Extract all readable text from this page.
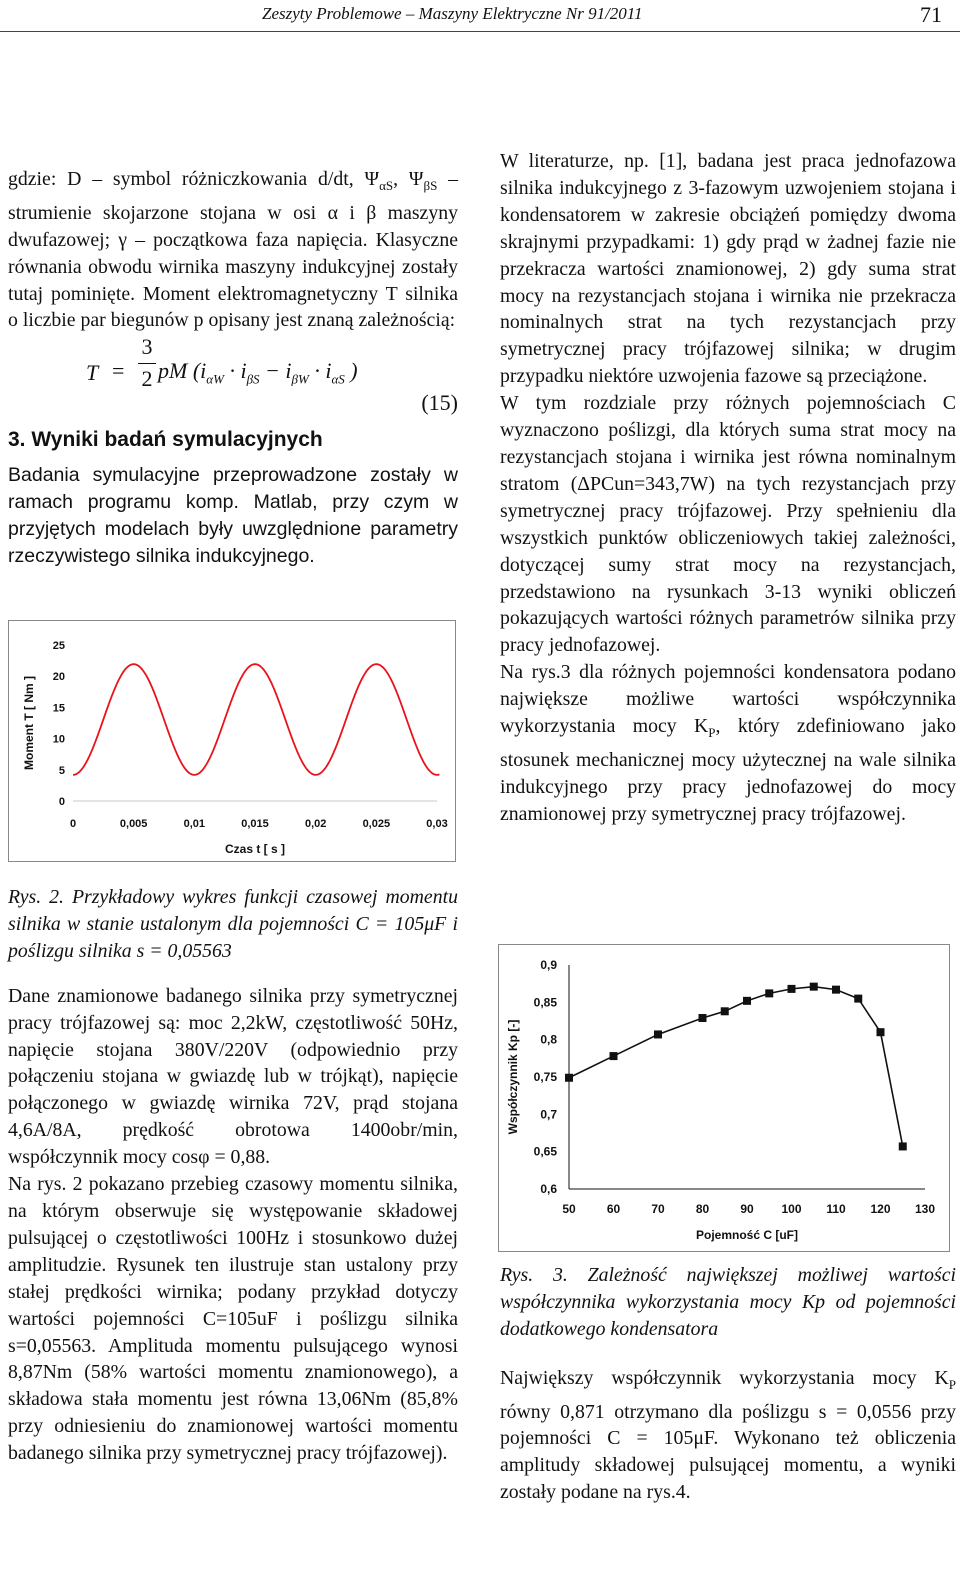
Zeszyty Problemowe – Maszyny Elektryczne Nr 91/2011	71

gdzie: D – symbol różniczkowania d/dt, $\Psi_{\alpha S}$, $\Psi_{\beta S}$ – strumienie skojarzone stojana w osi α i β maszyny dwufazowej; γ – początkowa faza napięcia. Klasyczne równania obwodu wirnika maszyny indukcyjnej zostały tutaj pominięte. Moment elektromagnetyczny T silnika o liczbie par biegunów p opisany jest znaną zależnością:

T =
3
2 pM ($i_{\alpha W} \cdot i_{\beta S} - i_{\beta W} \cdot i_{\alpha S}$ )
(15)
3. Wyniki badań symulacyjnych

Badania symulacyjne przeprowadzone zostały w ramach programu komp. Matlab, przy czym w przyjętych modelach były uwzględnione parametry rzeczywistego silnika indukcyjnego.

0
5
10
15
20
25
0	0,005	0,01	0,015	0,02	0,025	0,03
Czas t [ s ]
Moment T [ Nm ]

Rys. 2. Przykładowy wykres funkcji czasowej momentu silnika w stanie ustalonym dla pojemności C = 105μF i poślizgu silnika s = 0,05563

Dane znamionowe badanego silnika przy symetrycznej pracy trójfazowej są: moc 2,2kW, częstotliwość 50Hz, napięcie stojana 380V/220V (odpowiednio przy połączeniu stojana w gwiazdę lub w trójkąt), napięcie połączonego w gwiazdę wirnika 72V, prąd stojana 4,6A/8A, prędkość obrotowa 1400obr/min, współczynnik mocy cosφ = 0,88.

Na rys. 2 pokazano przebieg czasowy momentu silnika, na którym obserwuje się występowanie składowej pulsującej o częstotliwości 100Hz i stosunkowo dużej amplitudzie. Rysunek ten ilustruje stan ustalony przy stałej prędkości wirnika; podany przykład dotyczy wartości pojemności C=105uF i poślizgu silnika s=0,05563. Amplituda momentu pulsującego wynosi 8,87Nm (58% wartości momentu znamionowego), a składowa stała momentu jest równa 13,06Nm (85,8% przy odniesieniu do znamionowej wartości momentu badanego silnika przy symetrycznej pracy trójfazowej).

W literaturze, np. [1], badana jest praca jednofazowa silnika indukcyjnego z 3-fazowym uzwojeniem stojana i kondensatorem w zakresie obciążeń pomiędzy dwoma skrajnymi przypadkami: 1) gdy prąd w żadnej fazie nie przekracza wartości znamionowej, 2) gdy suma strat mocy na rezystancjach stojana i wirnika nie przekracza nominalnych strat na tych rezystancjach przy symetrycznej pracy trójfazowej silnika; w drugim przypadku niektóre uzwojenia fazowe są przeciążone.

W tym rozdziale przy różnych pojemnościach C wyznaczono poślizgi, dla których suma strat mocy na rezystancjach stojana i wirnika jest równa nominalnym stratom (ΔPCun=343,7W) na tych rezystancjach przy symetrycznej pracy trójfazowej. Przy spełnieniu dla wszystkich punktów obliczeniowych takiej zależności, dotyczącej sumy strat mocy na rezystancjach, przedstawiono na rysunkach 3-13 wyniki obliczeń pokazujących wartości różnych parametrów silnika przy pracy jednofazowej.

Na rys.3 dla różnych pojemności kondensatora podano największe możliwe wartości współczynnika wykorzystania mocy $K_P$, który zdefiniowano jako stosunek mechanicznej mocy użytecznej na wale silnika indukcyjnego przy pracy jednofazowej do mocy znamionowej przy symetrycznej pracy trójfazowej.

0,6
0,65
0,7
0,75
0,8
0,85
0,9
50	60	70	80	90 100 110 120 130
Pojemność C [uF]
Współczynnik Kp [-]

Rys. 3. Zależność największej możliwej wartości współczynnika wykorzystania mocy Kp od pojemności dodatkowego kondensatora

Największy współczynnik wykorzystania mocy $K_P$ równy 0,871 otrzymano dla poślizgu s = 0,0556 przy pojemności C = 105μF. Wykonano też obliczenia amplitudy składowej pulsującej momentu, a wyniki zostały podane na rys.4.
